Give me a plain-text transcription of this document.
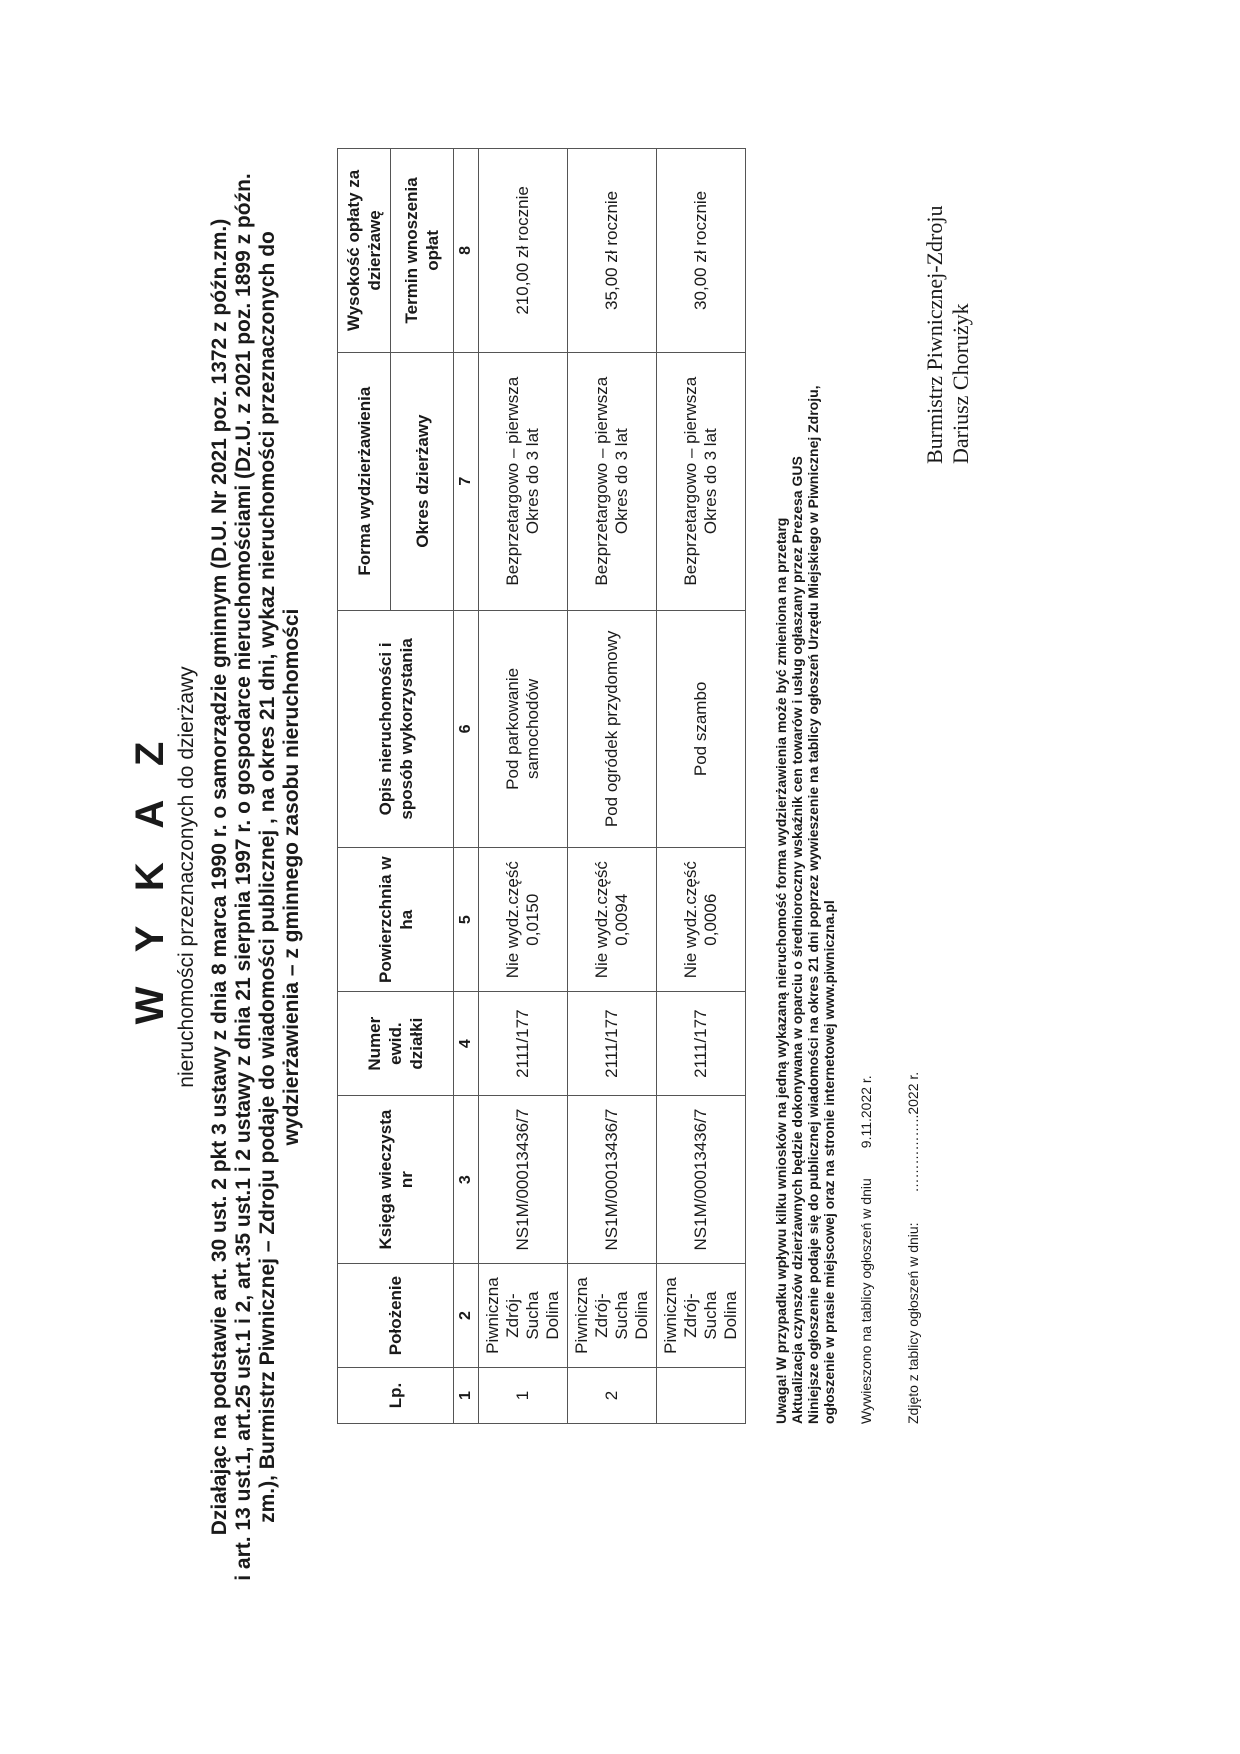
W Y K A Z nieruchomości przeznaczonych do dzierżawy Działając na podstawie art. 30 ust. 2 pkt 3 ustawy z dnia 8 marca 1990 r. o samorządzie gminnym (D.U. Nr 2021 poz. 1372 z późn.zm.) i art. 13 ust.1, art.25 ust.1 i 2, art.35 ust.1 i 2 ustawy z dnia 21 sierpnia 1997 r. o gospodarce nieruchomościami (Dz.U. z 2021 poz. 1899 z późn. zm.), Burmistrz Piwnicznej – Zdroju podaje do wiadomości publicznej , na okres 21 dni, wykaz nieruchomości przeznaczonych do wydzierżawienia – z gminnego zasobu nieruchomości
Lp.	Położenie	Księga wieczysta nr	Numer ewid. działki	Powierzchnia w ha	Opis nieruchomości i sposób wykorzystania	Forma wydzierżawienia	Wysokość opłaty za dzierżawę
						Okres dzierżawy	Termin wnoszenia opłat
1	2	3	4	5	6	7	8
1	Piwniczna Zdrój-Sucha Dolina	NS1M/00013436/7	2111/177	Nie wydz.część 0,0150	Pod parkowanie samochodów	Bezprzetargowo – pierwsza Okres do 3 lat	210,00 zł rocznie
2	Piwniczna Zdrój-Sucha Dolina	NS1M/00013436/7	2111/177	Nie wydz.część 0,0094	Pod ogródek przydomowy	Bezprzetargowo – pierwsza Okres do 3 lat	35,00 zł rocznie
	Piwniczna Zdrój-Sucha Dolina	NS1M/00013436/7	2111/177	Nie wydz.część 0,0006	Pod szambo	Bezprzetargowo – pierwsza Okres do 3 lat	30,00 zł rocznie
Uwaga! W przypadku wpływu kilku wniosków na jedną wykazaną nieruchomość forma wydzierżawienia może być zmieniona na przetarg Aktualizacja czynszów dzierżawnych będzie dokonywana w oparciu o średnioroczny wskaźnik cen towarów i usług ogłaszany przez Prezesa GUS Niniejsze ogłoszenie podaje się do publicznej wiadomości na okres 21 dni poprzez wywieszenie na tablicy ogłoszeń Urzędu Miejskiego w Piwnicznej Zdroju, ogłoszenie w prasie miejscowej oraz na stronie internetowej www.piwniczna.pl Wywieszono na tablicy ogłoszeń w dniu9.11.2022 r.
Zdjęto z tablicy ogłoszeń w dniu:……………..2022 r.
Burmistrz Piwnicznej-Zdroju Dariusz Chorużyk
